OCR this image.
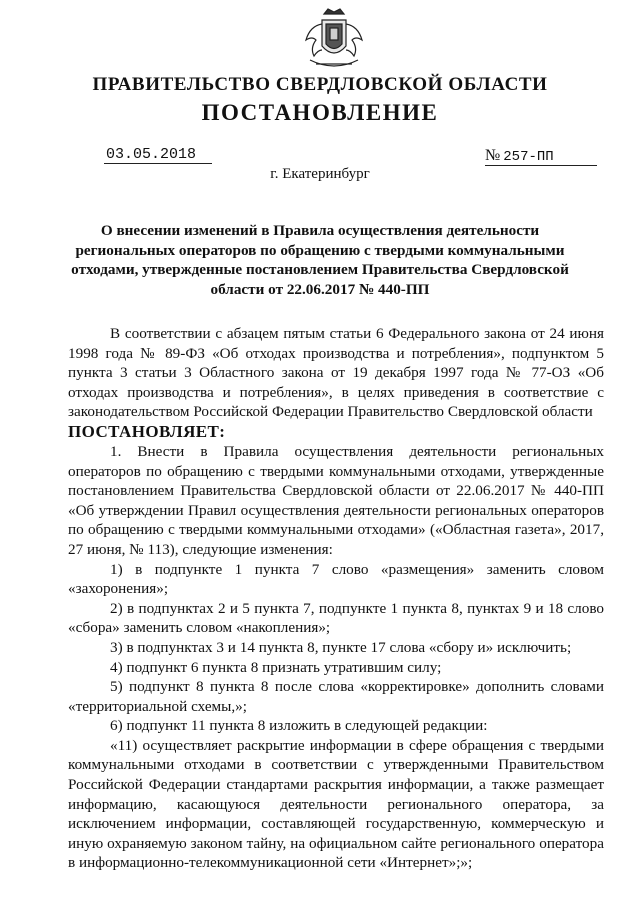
ПРАВИТЕЛЬСТВО СВЕРДЛОВСКОЙ ОБЛАСТИ
ПОСТАНОВЛЕНИЕ
03.05.2018	№ 257-ПП
г. Екатеринбург
О внесении изменений в Правила осуществления деятельности региональных операторов по обращению с твердыми коммунальными отходами, утвержденные постановлением Правительства Свердловской области от 22.06.2017 № 440-ПП

В соответствии с абзацем пятым статьи 6 Федерального закона от 24 июня 1998 года № 89-ФЗ «Об отходах производства и потребления», подпунктом 5 пункта 3 статьи 3 Областного закона от 19 декабря 1997 года № 77-ОЗ «Об отходах производства и потребления», в целях приведения в соответствие с законодательством Российской Федерации Правительство Свердловской области

ПОСТАНОВЛЯЕТ:

1. Внести в Правила осуществления деятельности региональных операторов по обращению с твердыми коммунальными отходами, утвержденные постановлением Правительства Свердловской области от 22.06.2017 № 440-ПП «Об утверждении Правил осуществления деятельности региональных операторов по обращению с твердыми коммунальными отходами» («Областная газета», 2017, 27 июня, № 113), следующие изменения:

1) в подпункте 1 пункта 7 слово «размещения» заменить словом «захоронения»;

2) в подпунктах 2 и 5 пункта 7, подпункте 1 пункта 8, пунктах 9 и 18 слово «сбора» заменить словом «накопления»;

3) в подпунктах 3 и 14 пункта 8, пункте 17 слова «сбору и» исключить;

4) подпункт 6 пункта 8 признать утратившим силу;

5) подпункт 8 пункта 8 после слова «корректировке» дополнить словами «территориальной схемы,»;

6) подпункт 11 пункта 8 изложить в следующей редакции:

«11) осуществляет раскрытие информации в сфере обращения с твердыми коммунальными отходами в соответствии с утвержденными Правительством Российской Федерации стандартами раскрытия информации, а также размещает информацию, касающуюся деятельности регионального оператора, за исключением информации, составляющей государственную, коммерческую и иную охраняемую законом тайну, на официальном сайте регионального оператора в информационно-телекоммуникационной сети «Интернет»;»;
